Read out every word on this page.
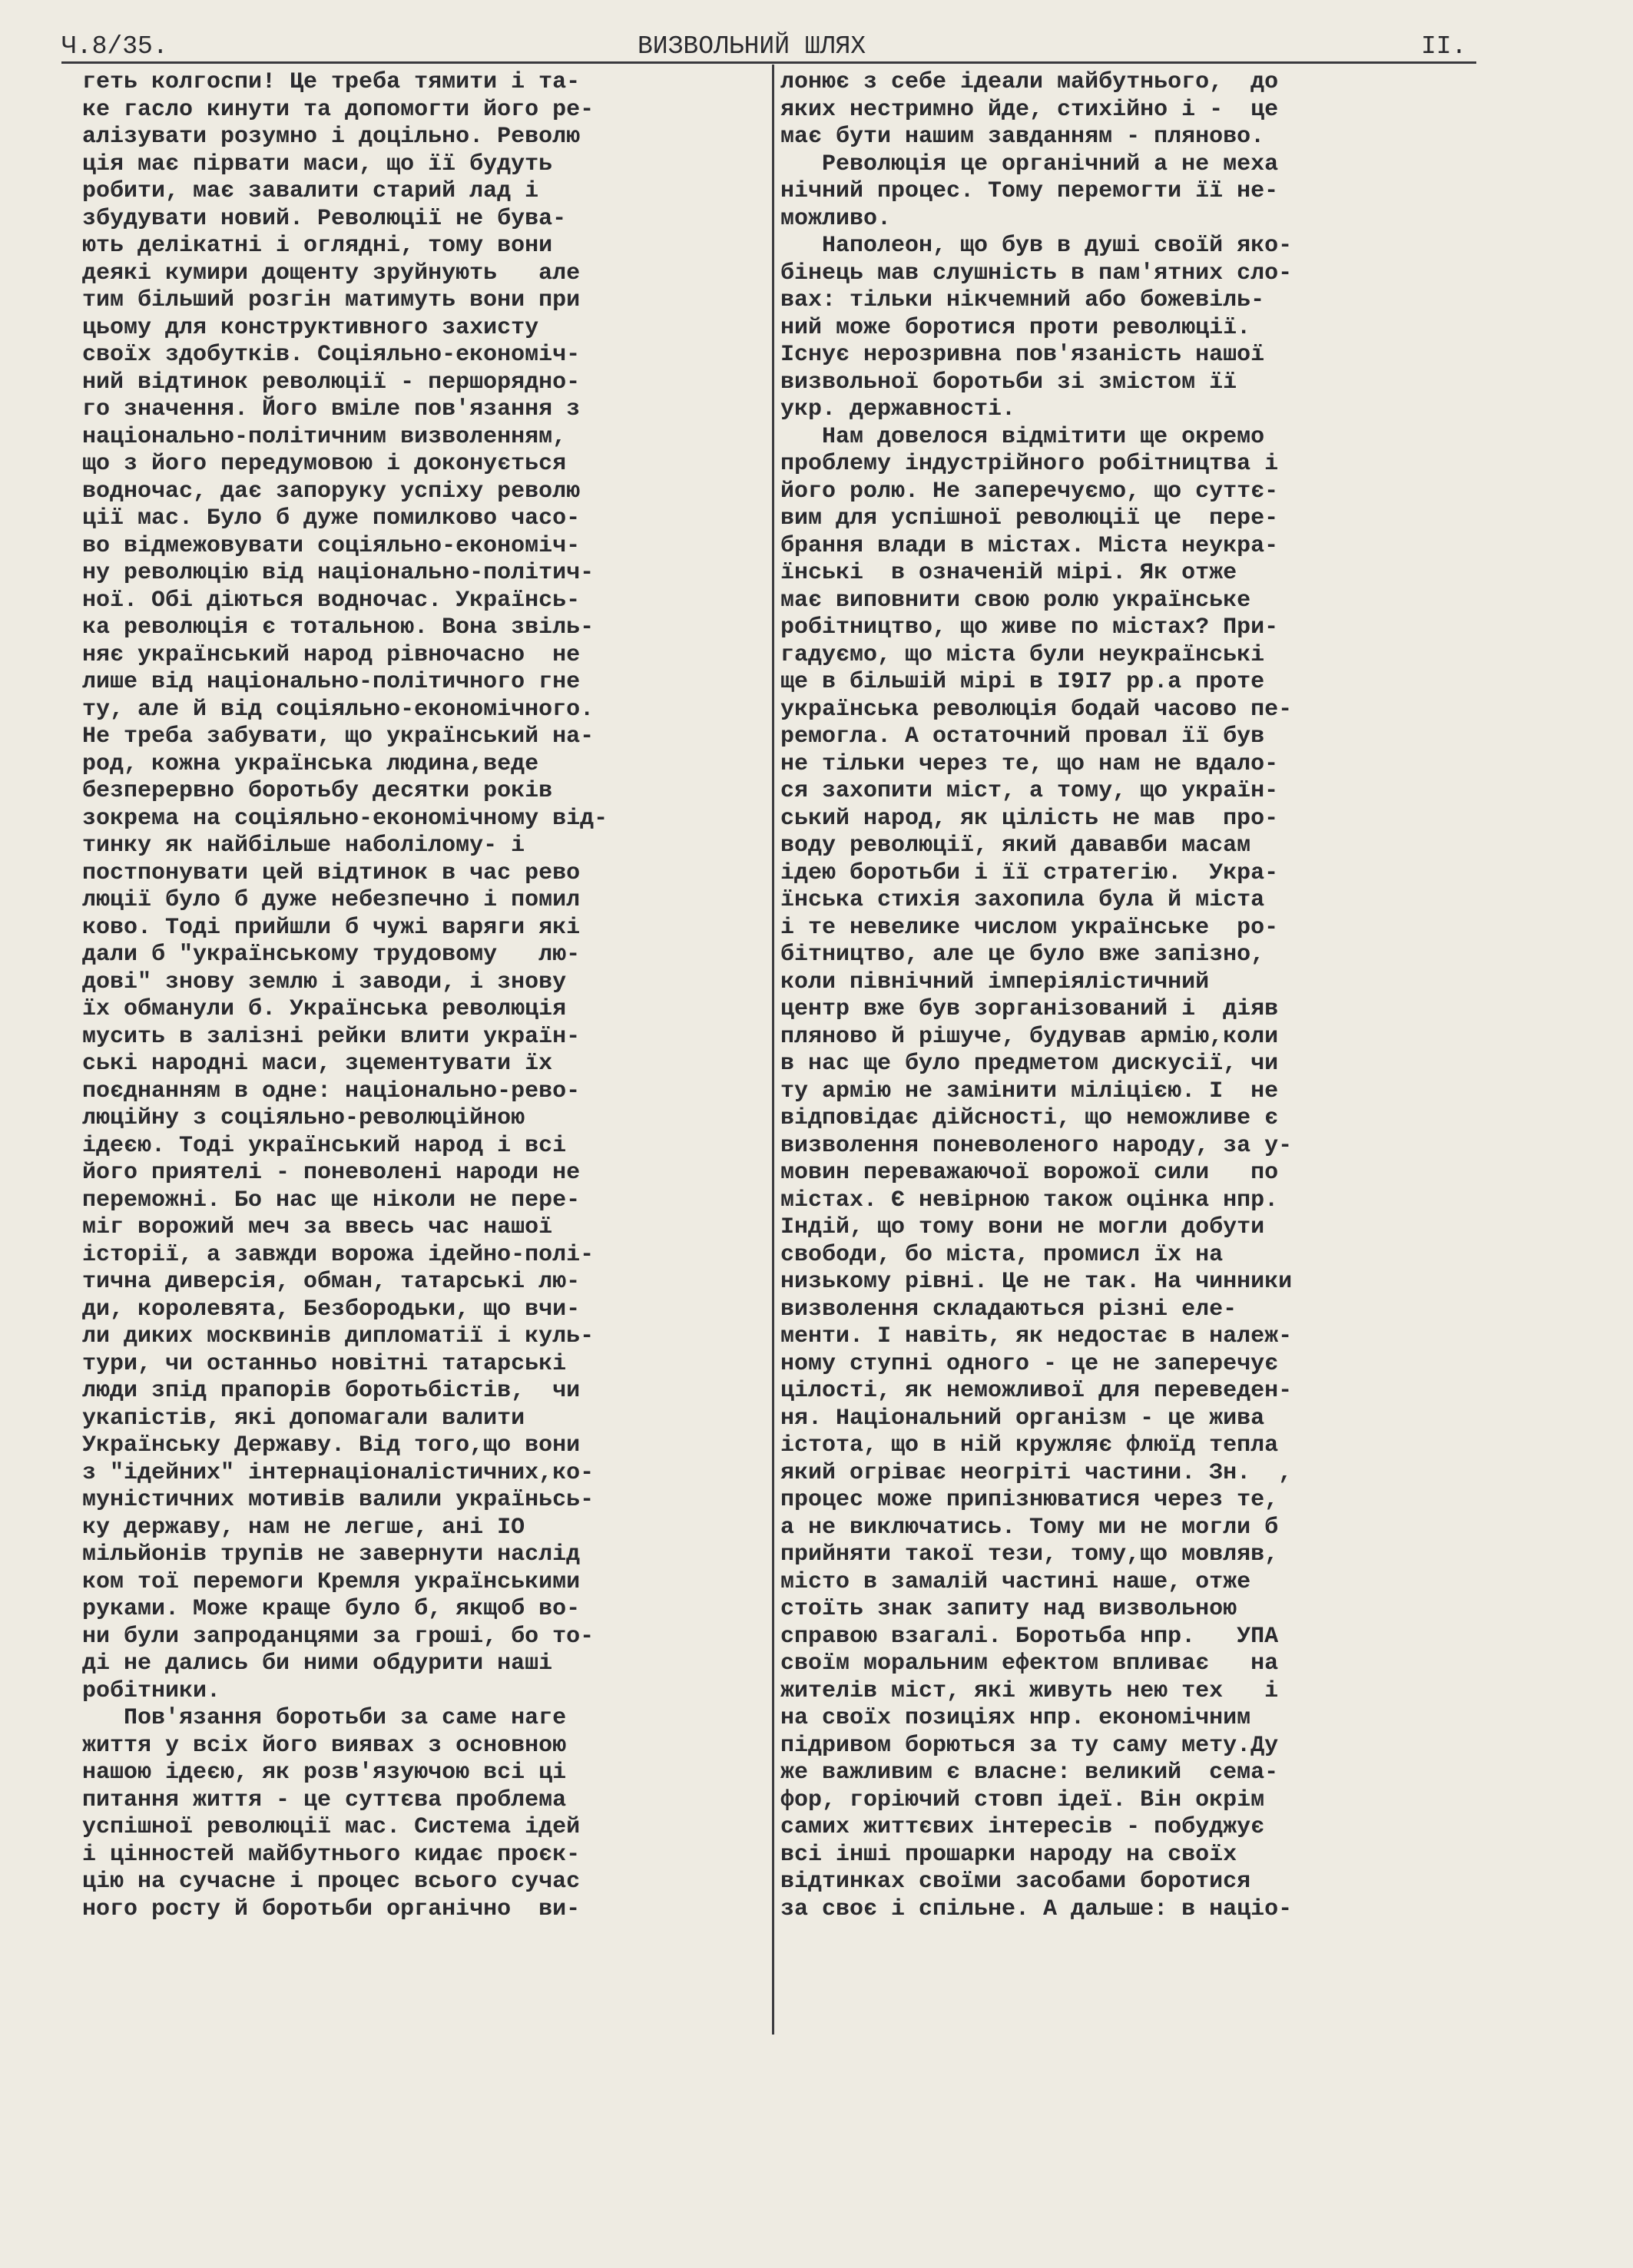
Ч.8/35.	ВИЗВОЛЬНИЙ ШЛЯХ	II.
геть колгоспи! Це треба тямити і та-
ке гасло кинути та допомогти його ре-
алізувати розумно і доцільно. Револю
ція має пірвати маси, що її будуть
робити, має завалити старий лад і
збудувати новий. Революції не бува-
ють делікатні і оглядні, тому вони
деякі кумири дощенту зруйнують   але
тим більший розгін матимуть вони при
цьому для конструктивного захисту
своїх здобутків. Соціяльно-економіч-
ний відтинок революції - першорядно-
го значення. Його вміле пов'язання з
національно-політичним визволенням,
що з його передумовою і доконується
водночас, дає запоруку успіху револю
ції мас. Було б дуже помилково часо-
во відмежовувати соціяльно-економіч-
ну революцію від національно-політич-
ної. Обі діються водночас. Українсь-
ка революція є тотальною. Вона звіль-
няє український народ рівночасно  не
лише від національно-політичного гне
ту, але й від соціяльно-економічного.
Не треба забувати, що український на-
род, кожна українська людина,веде
безперервно боротьбу десятки років
зокрема на соціяльно-економічному від-
тинку як найбільше наболілому- і
постпонувати цей відтинок в час рево
люції було б дуже небезпечно і помил
ково. Тоді прийшли б чужі варяги які
дали б "українському трудовому   лю-
дові" знову землю і заводи, і знову
їх обманули б. Українська революція
мусить в залізні рейки влити україн-
ські народні маси, зцементувати їх
поєднанням в одне: національно-рево-
люційну з соціяльно-революційною
ідеєю. Тоді український народ і всі
його приятелі - поневолені народи не
переможні. Бо нас ще ніколи не пере-
міг ворожий меч за ввесь час нашої
історії, а завжди ворожа ідейно-полі-
тична диверсія, обман, татарські лю-
ди, королевята, Безбородьки, що вчи-
ли диких москвинів дипломатії і куль-
тури, чи останньо новітні татарські
люди зпід прапорів боротьбістів,  чи
укапістів, які допомагали валити
Українську Державу. Від того,що вони
з "ідейних" інтернаціоналістичних,ко-
муністичних мотивів валили україньсь-
ку державу, нам не легше, ані IO
мільйонів трупів не завернути наслід
ком тої перемоги Кремля українськими
руками. Може краще було б, якщоб во-
ни були запроданцями за гроші, бо то-
ді не дались би ними обдурити наші
робітники.
Пов'язання боротьби за саме наге
життя у всіх його виявах з основною
нашою ідеєю, як розв'язуючою всі ці
питання життя - це суттєва проблема
успішної революції мас. Система ідей
і цінностей майбутнього кидає проєк-
цію на сучасне і процес всього сучас
ного росту й боротьби органічно  ви-
лонює з себе ідеали майбутнього,  до
яких нестримно йде, стихійно і -  це
має бути нашим завданням - пляново.
Революція це органічний а не меха
нічний процес. Тому перемогти її не-
можливо.
Наполеон, що був в душі своїй яко-
бінець мав слушність в пам'ятних сло-
вах: тільки нікчемний або божевіль-
ний може боротися проти революції.
Існує нерозривна пов'язаність нашої
визвольної боротьби зі змістом її
укр. державності.
Нам довелося відмітити ще окремо
проблему індустрійного робітництва і
його ролю. Не заперечуємо, що суттє-
вим для успішної революції це  пере-
брання влади в містах. Міста неукра-
їнські  в означеній мірі. Як отже
має виповнити свою ролю українське
робітництво, що живе по містах? При-
гадуємо, що міста були неукраїнські
ще в більшій мірі в I9I7 рр.а проте
українська революція бодай часово пе-
ремогла. А остаточний провал її був
не тільки через те, що нам не вдало-
ся захопити міст, а тому, що україн-
ський народ, як цілість не мав  про-
воду революції, який дававби масам
ідею боротьби і її стратегію.  Укра-
їнська стихія захопила була й міста
і те невелике числом українське  ро-
бітництво, але це було вже запізно,
коли північний імперіялістичний
центр вже був зорганізований і  діяв
пляново й рішуче, будував армію,коли
в нас ще було предметом дискусії, чи
ту армію не замінити міліцією. І  не
відповідає дійсності, що неможливе є
визволення поневоленого народу, за у-
мовин переважаючої ворожої сили   по
містах. Є невірною також оцінка нпр.
Індій, що тому вони не могли добути
свободи, бо міста, промисл їх на
низькому рівні. Це не так. На чинники
визволення складаються різні еле-
менти. І навіть, як недостає в належ-
ному ступні одного - це не заперечує
цілості, як неможливої для переведен-
ня. Національний організм - це жива
істота, що в ній кружляє флюїд тепла
який огріває неогріті частини. Зн.  ,
процес може припізнюватися через те,
а не виключатись. Тому ми не могли б
прийняти такої тези, тому,що мовляв,
місто в замалій частині наше, отже
стоїть знак запиту над визвольною
справою взагалі. Боротьба нпр.   УПА
своїм моральним ефектом впливає   на
жителів міст, які живуть нею тех   і
на своїх позиціях нпр. економічним
підривом борються за ту саму мету.Ду
же важливим є власне: великий  сема-
фор, горіючий стовп ідеї. Він окрім
самих життєвих інтересів - побуджує
всі інші прошарки народу на своїх
відтинках своїми засобами боротися
за своє і спільне. А дальше: в націо-
